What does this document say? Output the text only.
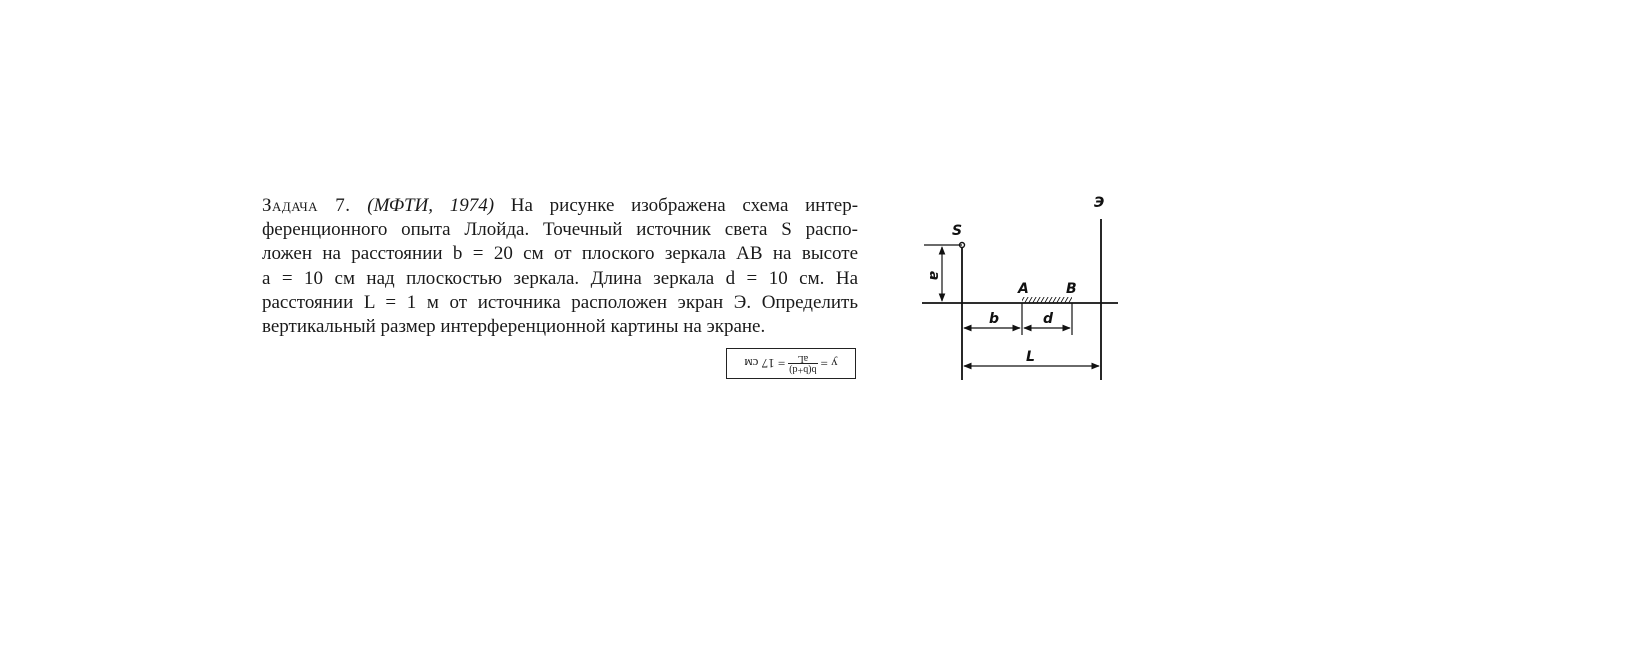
Задача 7. (МФТИ, 1974) На рисунке изображена схема интер-
ференционного опыта Ллойда. Точечный источник света S распо-
ложен на расстоянии b = 20 см от плоского зеркала AB на высоте
a = 10 см над плоскостью зеркала. Длина зеркала d = 10 см. На
расстоянии L = 1 м от источника расположен экран Э. Определить
вертикальный размер интерференционной картины на экране.
y =
b(b+d)
aL
= 17 см
Э
S
a
A	B
b	d
L
